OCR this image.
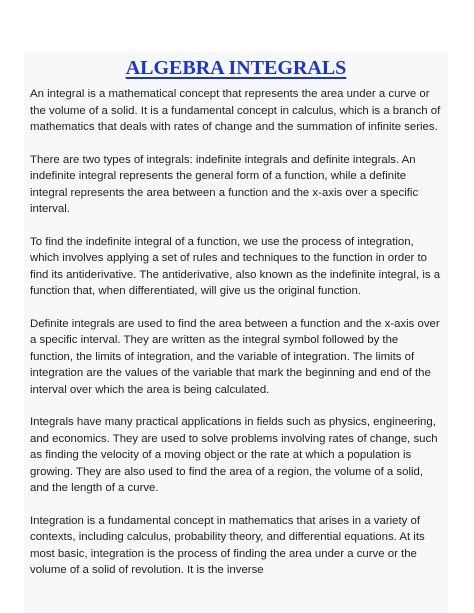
ALGEBRA INTEGRALS

An integral is a mathematical concept that represents the area under a curve or the volume of a solid. It is a fundamental concept in calculus, which is a branch of mathematics that deals with rates of change and the summation of infinite series.

There are two types of integrals: indefinite integrals and definite integrals. An indefinite integral represents the general form of a function, while a definite integral represents the area between a function and the x-axis over a specific interval.

To find the indefinite integral of a function, we use the process of integration, which involves applying a set of rules and techniques to the function in order to find its antiderivative. The antiderivative, also known as the indefinite integral, is a function that, when differentiated, will give us the original function.

Definite integrals are used to find the area between a function and the x-axis over a specific interval. They are written as the integral symbol followed by the function, the limits of integration, and the variable of integration. The limits of integration are the values of the variable that mark the beginning and end of the interval over which the area is being calculated.

Integrals have many practical applications in fields such as physics, engineering, and economics. They are used to solve problems involving rates of change, such as finding the velocity of a moving object or the rate at which a population is growing. They are also used to find the area of a region, the volume of a solid, and the length of a curve.

Integration is a fundamental concept in mathematics that arises in a variety of contexts, including calculus, probability theory, and differential equations. At its most basic, integration is the process of finding the area under a curve or the volume of a solid of revolution. It is the inverse
